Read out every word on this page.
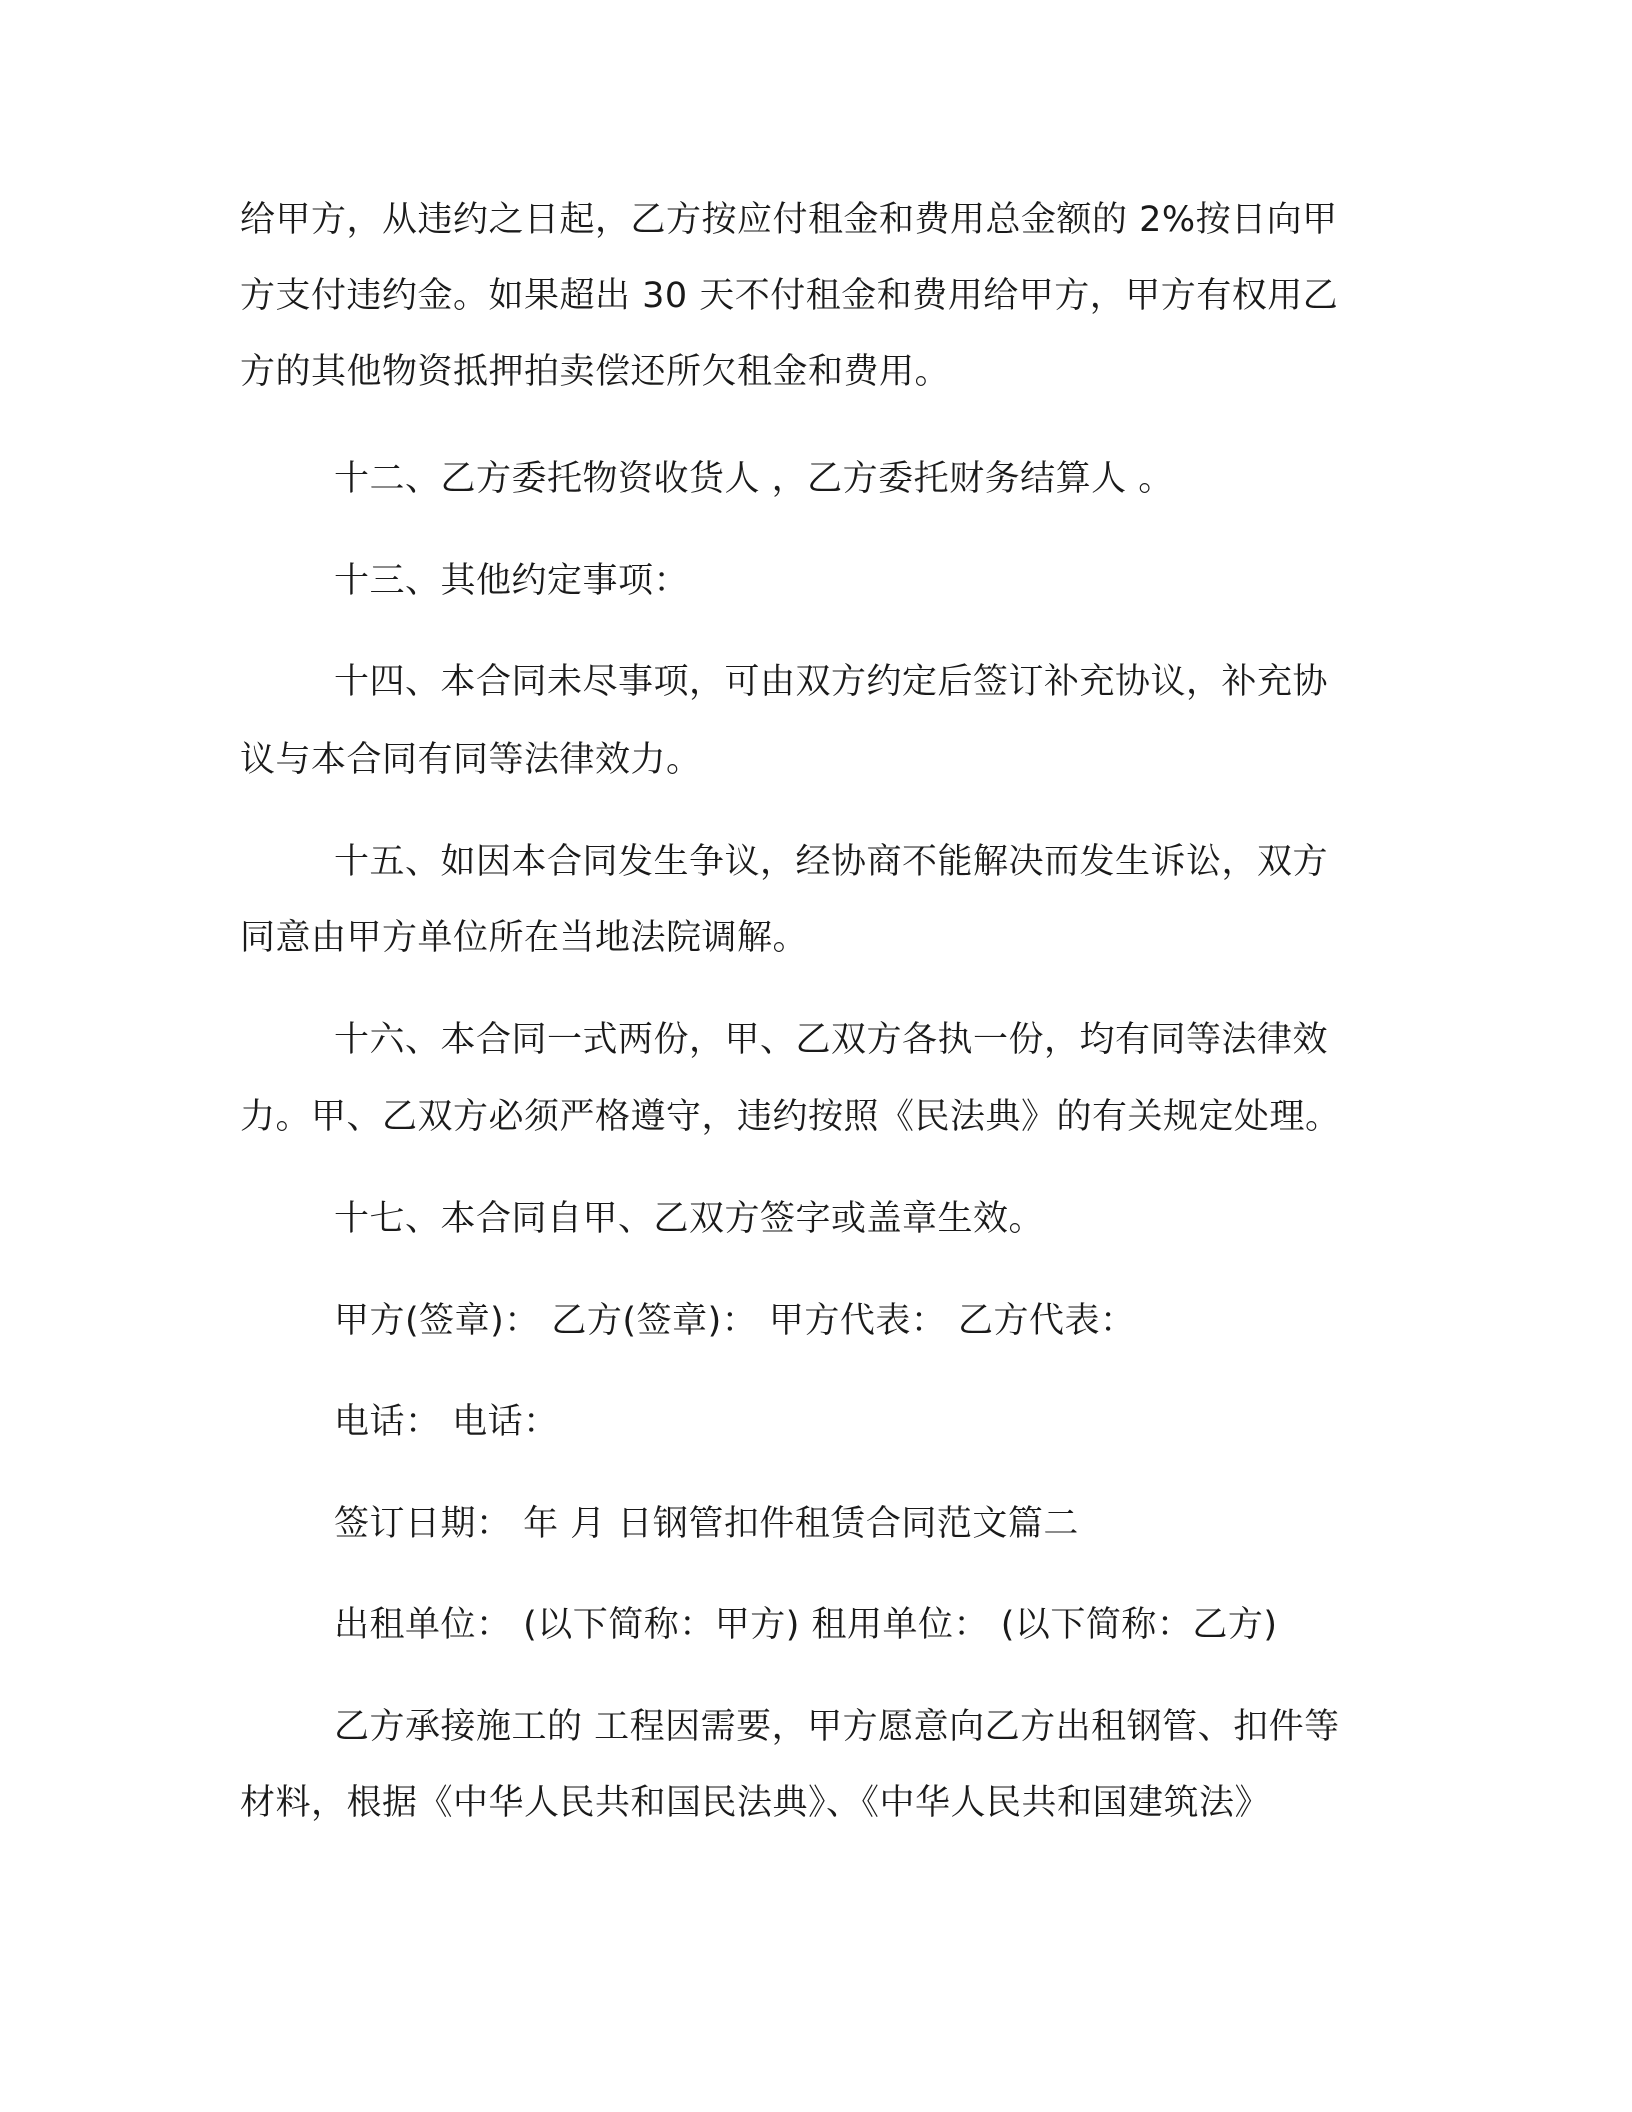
给甲方，从违约之日起，乙方按应付租金和费用总金额的 2%按日向甲
方支付违约金。如果超出 30 天不付租金和费用给甲方，甲方有权用乙
方的其他物资抵押拍卖偿还所欠租金和费用。
十二、乙方委托物资收货人 ，乙方委托财务结算人 。
十三、其他约定事项：
十四、本合同未尽事项，可由双方约定后签订补充协议，补充协
议与本合同有同等法律效力。
十五、如因本合同发生争议，经协商不能解决而发生诉讼，双方
同意由甲方单位所在当地法院调解。
十六、本合同一式两份，甲、乙双方各执一份，均有同等法律效
力。甲、乙双方必须严格遵守，违约按照《民法典》的有关规定处理。
十七、本合同自甲、乙双方签字或盖章生效。
甲方(签章)： 乙方(签章)： 甲方代表： 乙方代表：
电话： 电话：
签订日期： 年 月 日钢管扣件租赁合同范文篇二
出租单位： (以下简称：甲方) 租用单位： (以下简称：乙方)
乙方承接施工的 工程因需要，甲方愿意向乙方出租钢管、扣件等
材料，根据《中华人民共和国民法典》、《中华人民共和国建筑法》
